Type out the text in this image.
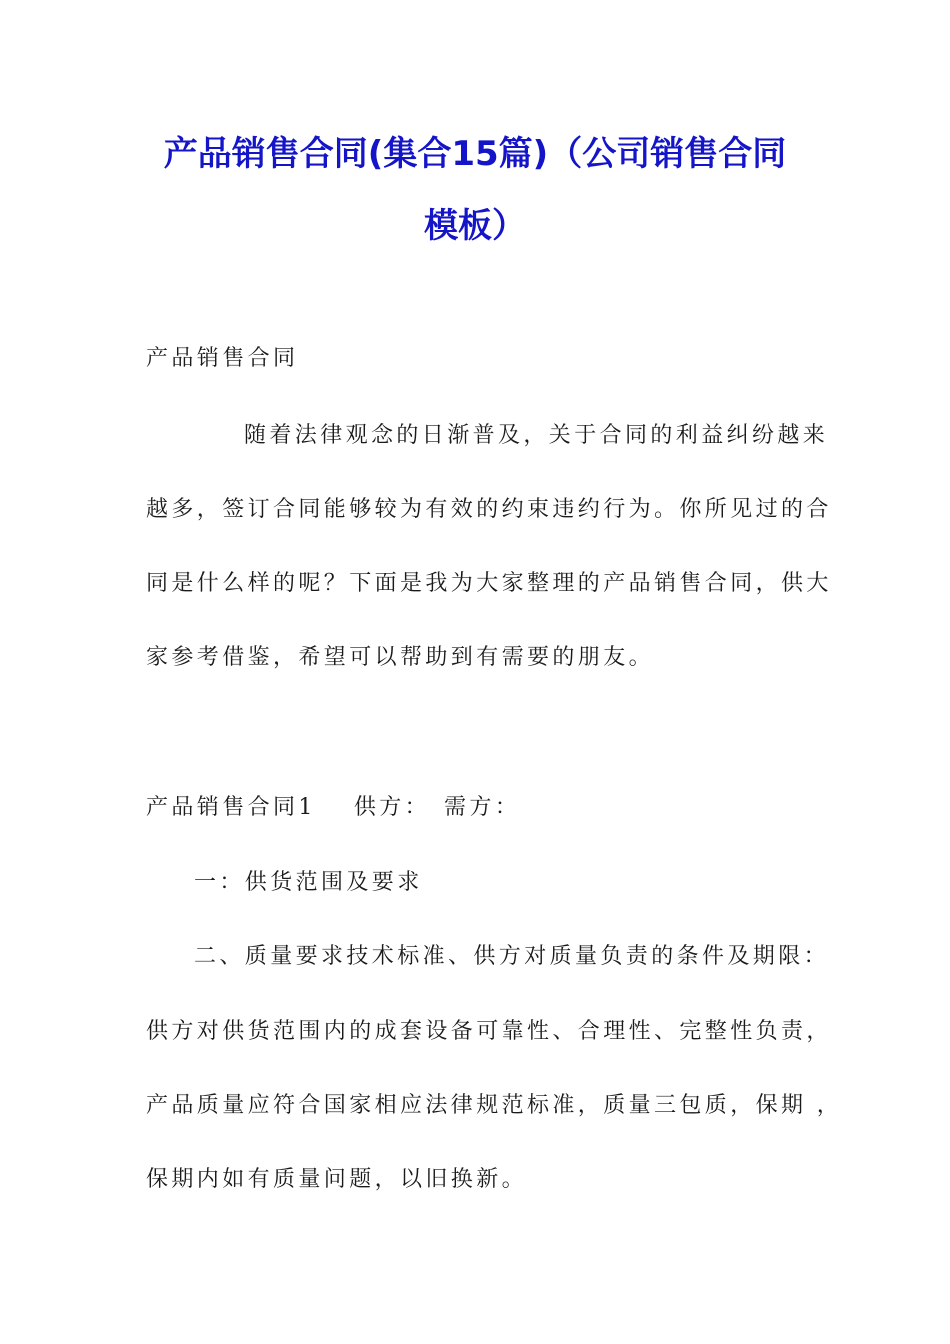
产品销售合同(集合15篇)（公司销售合同
模板）
产品销售合同
随着法律观念的日渐普及，关于合同的利益纠纷越来
越多，签订合同能够较为有效的约束违约行为。你所见过的合
同是什么样的呢？下面是我为大家整理的产品销售合同，供大
家参考借鉴，希望可以帮助到有需要的朋友。
产品销售合同1 供方： 需方：
一：供货范围及要求
二、质量要求技术标准、供方对质量负责的条件及期限：
供方对供货范围内的成套设备可靠性、合理性、完整性负责，
产品质量应符合国家相应法律规范标准，质量三包质，保期 ，
保期内如有质量问题，以旧换新。
